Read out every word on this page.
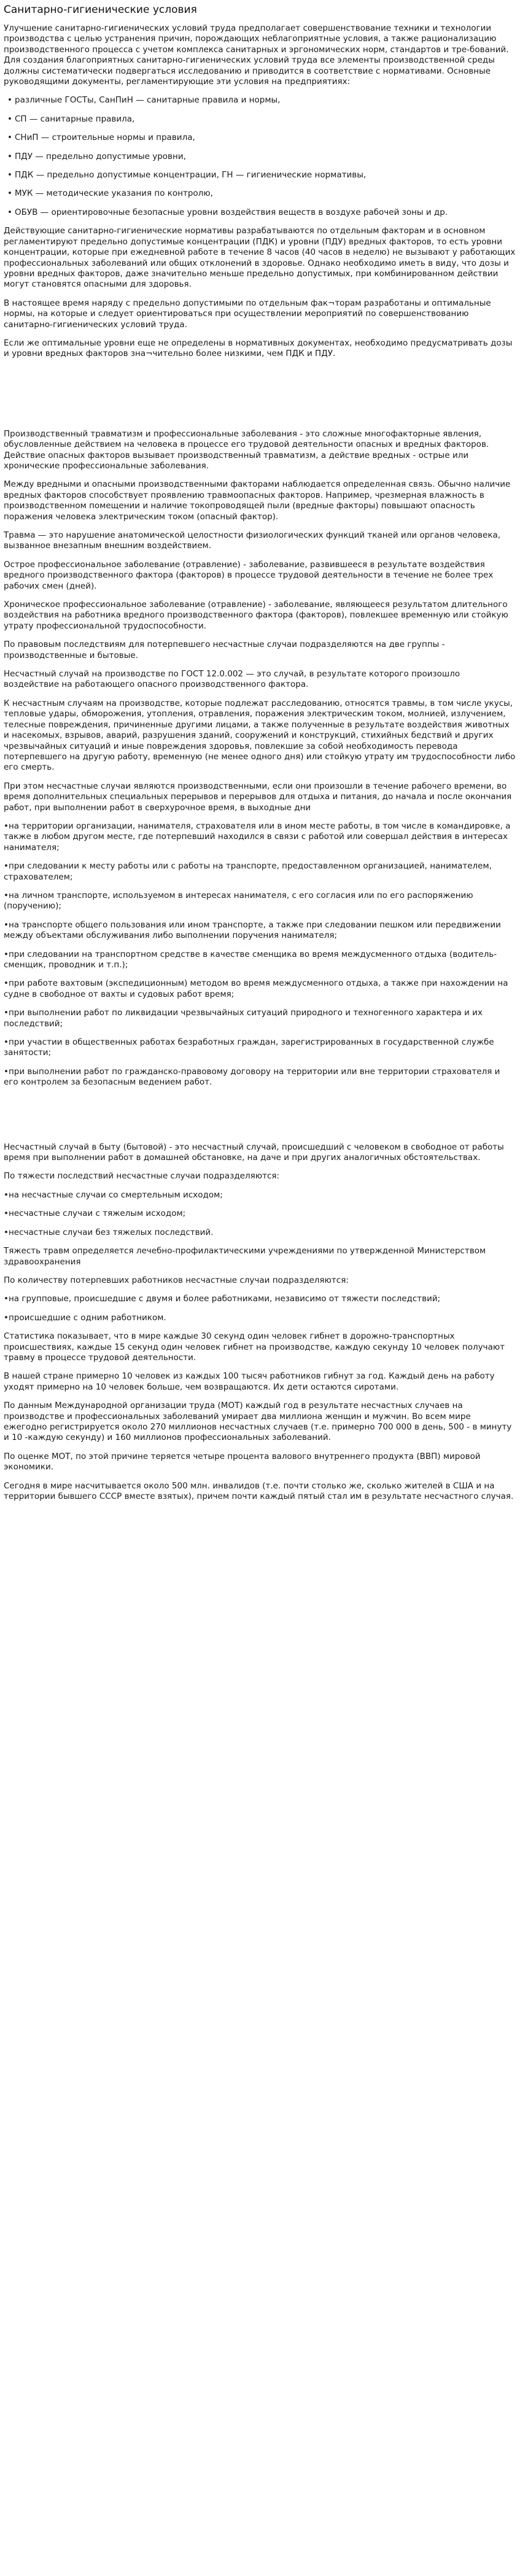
Санитарно-гигиенические условия

Улучшение санитарно-гигиенических условий труда предполагает совершенствование техники и технологии производства с целью устранения причин, порождающих неблагоприятные условия, а также рационализацию производственного процесса с учетом комплекса санитарных и эргономических норм, стандартов и тре-бований. Для создания благоприятных санитарно-гигиенических условий труда все элементы производственной среды должны систематически подвергаться исследованию и приводится в соответствие с нормативами. Основные руководящими документы, регламентирующие эти условия на предприятиях:

• различные ГОСТы, СанПиН — санитарные правила и нормы,
• СП — санитарные правила,
• СНиП — строительные нормы и правила,
• ПДУ — предельно допустимые уровни,
• ПДК — предельно допустимые концентрации, ГН — гигиенические нормативы,
• МУК — методические указания по контролю,
• ОБУВ — ориентировочные безопасные уровни воздействия веществ в воздухе рабочей зоны и др.

Действующие санитарно-гигиенические нормативы разрабатываются по отдельным факторам и в основном регламентируют предельно допустимые концентрации (ПДК) и уровни (ПДУ) вредных факторов, то есть уровни концентрации, которые при ежедневной работе в течение 8 часов (40 часов в неделю) не вызывают у работающих профессиональных заболеваний или общих отклонений в здоровье. Однако необходимо иметь в виду, что дозы и уровни вредных факторов, даже значительно меньше предельно допустимых, при комбинированном действии могут становятся опасными для здоровья.

В настоящее время наряду с предельно допустимыми по отдельным фак¬торам разработаны и оптимальные нормы, на которые и следует ориентироваться при осуществлении мероприятий по совершенствованию санитарно-гигиенических условий труда.

Если же оптимальные уровни еще не определены в нормативных документах, необходимо предусматривать дозы и уровни вредных факторов зна¬чительно более низкими, чем ПДК и ПДУ.

Производственный травматизм и профессиональные заболевания - это сложные многофакторные явления, обусловленные действием на человека в процессе его трудовой деятельности опасных и вредных факторов. Действие опасных факторов вызывает производственный травматизм, а действие вредных - острые или хронические профессиональные заболевания.

Между вредными и опасными производственными факторами наблюдается определенная связь. Обычно наличие вредных факторов способствует проявлению травмоопасных факторов. Например, чрезмерная влажность в производственном помещении и наличие токопроводящей пыли (вредные факторы) повышают опасность поражения человека электрическим током (опасный фактор).

Травма — это нарушение анатомической целостности физиологических функций тканей или органов человека, вызванное внезапным внешним воздействием.

Острое профессиональное заболевание (отравление) - заболевание, развившееся в результате воздействия вредного производственного фактора (факторов) в процессе трудовой деятельности в течение не более трех рабочих смен (дней).

Хроническое профессиональное заболевание (отравление) - заболевание, являющееся результатом длительного воздействия на работника вредного производственного фактора (факторов), повлекшее временную или стойкую утрату профессиональной трудоспособности.

По правовым последствиям для потерпевшего несчастные случаи подразделяются на две группы - производственные и бытовые.

Несчастный случай на производстве по ГОСТ 12.0.002 — это случай, в результате которого произошло воздействие на работающего опасного производственного фактора.

К несчастным случаям на производстве, которые подлежат расследованию, относятся травмы, в том числе укусы, тепловые удары, обморожения, утопления, отравления, поражения электрическим током, молнией, излучением, телесные повреждения, причиненные другими лицами, а также полученные в результате воздействия животных и насекомых, взрывов, аварий, разрушения зданий, сооружений и конструкций, стихийных бедствий и других чрезвычайных ситуаций и иные повреждения здоровья, повлекшие за собой необходимость перевода потерпевшего на другую работу, временную (не менее одного дня) или стойкую утрату им трудоспособности либо его смерть.

При этом несчастные случаи являются производственными, если они произошли в течение рабочего времени, во время дополнительных специальных перерывов и перерывов для отдыха и питания, до начала и после окончания работ, при выполнении работ в сверхурочное время, в выходные дни

•на территории организации, нанимателя, страхователя или в ином месте работы, в том числе в командировке, а также в любом другом месте, где потерпевший находился в связи с работой или совершал действия в интересах нанимателя;

•при следовании к месту работы или с работы на транспорте, предоставленном организацией, нанимателем, страхователем;

•на личном транспорте, используемом в интересах нанимателя, с его согласия или по его распоряжению (поручению);

•на транспорте общего пользования или ином транспорте, а также при следовании пешком или передвижении между объектами обслуживания либо выполнении поручения нанимателя;

•при следовании на транспортном средстве в качестве сменщика во время междусменного отдыха (водитель-сменщик, проводник и т.п.);

•при работе вахтовым (экспедиционным) методом во время междусменного отдыха, а также при нахождении на судне в свободное от вахты и судовых работ время;

•при выполнении работ по ликвидации чрезвычайных ситуаций природного и техногенного характера и их последствий;

•при участии в общественных работах безработных граждан, зарегистрированных в государственной службе занятости;

•при выполнении работ по гражданско-правовому договору на территории или вне территории страхователя и его контролем за безопасным ведением работ.

Несчастный случай в быту (бытовой) - это несчастный случай, происшедший с человеком в свободное от работы время при выполнении работ в домашней обстановке, на даче и при других аналогичных обстоятельствах.

По тяжести последствий несчастные случаи подразделяются:

•на несчастные случаи со смертельным исходом;

•несчастные случаи с тяжелым исходом;

•несчастные случаи без тяжелых последствий.

Тяжесть травм определяется лечебно-профилактическими учреждениями по утвержденной Министерством здравоохранения

По количеству потерпевших работников несчастные случаи подразделяются:

•на групповые, происшедшие с двумя и более работниками, независимо от тяжести последствий;

•происшедшие с одним работником.

Статистика показывает, что в мире каждые 30 секунд один человек гибнет в дорожно-транспортных происшествиях, каждые 15 секунд один человек гибнет на производстве, каждую секунду 10 человек получают травму в процессе трудовой деятельности.

В нашей стране примерно 10 человек из каждых 100 тысяч работников гибнут за год. Каждый день на работу уходят примерно на 10 человек больше, чем возвращаются. Их дети остаются сиротами.

По данным Международной организации труда (МОТ) каждый год в результате несчастных случаев на производстве и профессиональных заболеваний умирает два миллиона женщин и мужчин. Во всем мире ежегодно регистрируется около 270 миллионов несчастных случаев (т.е. примерно 700 000 в день, 500 - в минуту и 10 -каждую секунду) и 160 миллионов профессиональных заболеваний.

По оценке МОТ, по этой причине теряется четыре процента валового внутреннего продукта (ВВП) мировой экономики.

Сегодня в мире насчитывается около 500 млн. инвалидов (т.е. почти столько же, сколько жителей в США и на территории бывшего СССР вместе взятых), причем почти каждый пятый стал им в результате несчастного случая.
